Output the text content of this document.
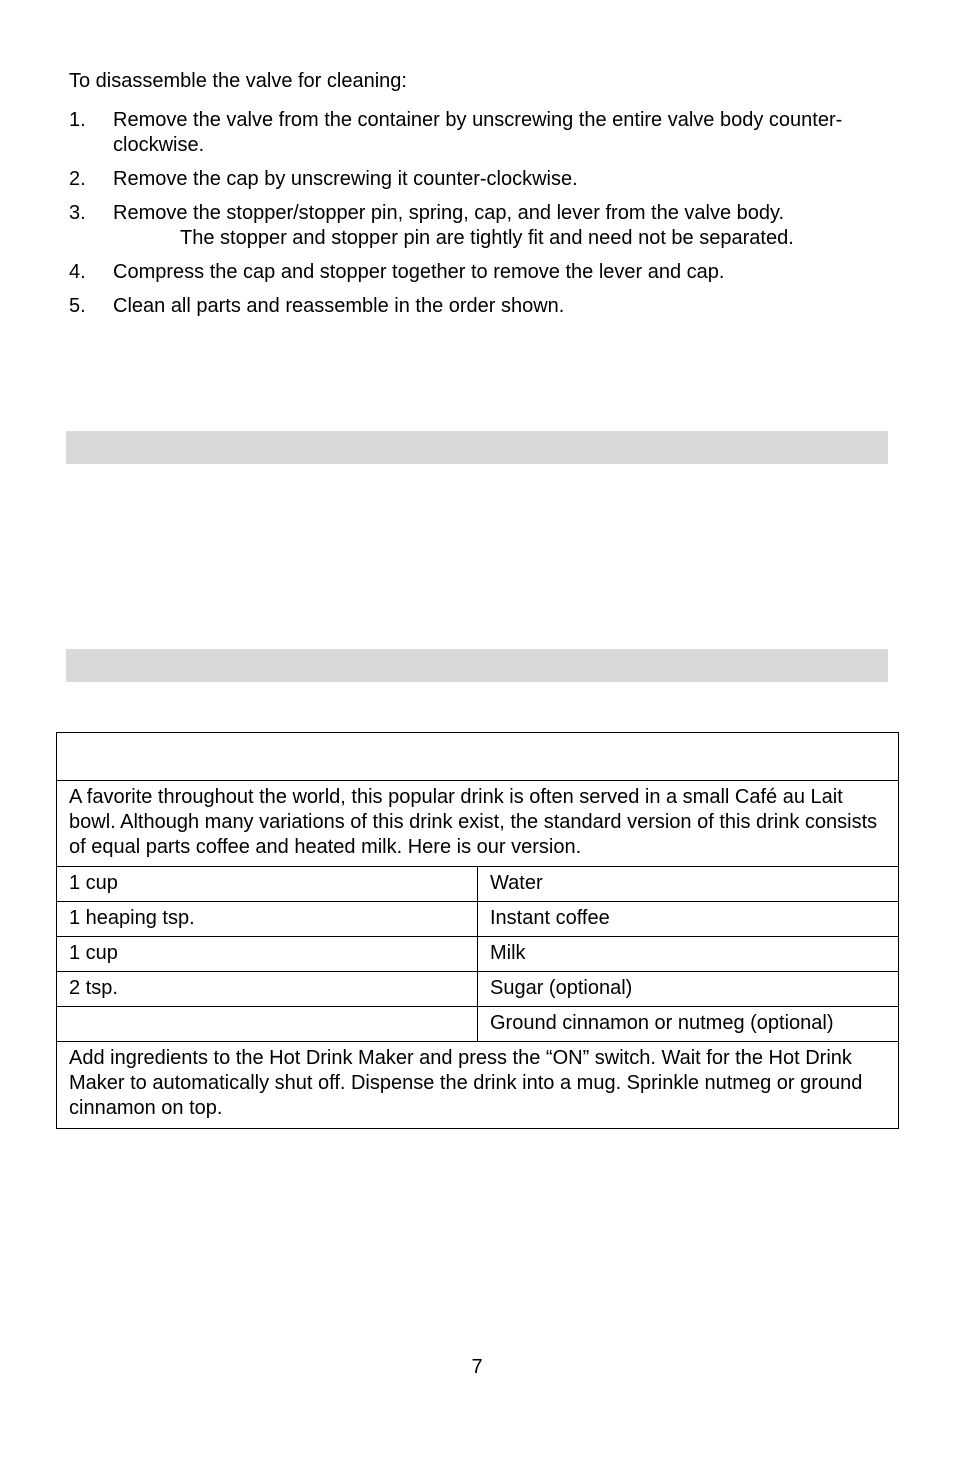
To disassemble the valve for cleaning:
1. Remove the valve from the container by unscrewing the entire valve body counter-clockwise.
2. Remove the cap by unscrewing it counter-clockwise.
3. Remove the stopper/stopper pin, spring, cap, and lever from the valve body.
The stopper and stopper pin are tightly fit and need not be separated.
4. Compress the cap and stopper together to remove the lever and cap.
5. Clean all parts and reassemble in the order shown.

A favorite throughout the world, this popular drink is often served in a small Café au Lait bowl. Although many variations of this drink exist, the standard version of this drink consists of equal parts coffee and heated milk. Here is our version.	
1 cup	Water
1 heaping tsp.	Instant coffee
1 cup	Milk
2 tsp.	Sugar (optional)
	Ground cinnamon or nutmeg (optional)
Add ingredients to the Hot Drink Maker and press the “ON” switch. Wait for the Hot Drink Maker to automatically shut off. Dispense the drink into a mug. Sprinkle nutmeg or ground cinnamon on top.	
7
